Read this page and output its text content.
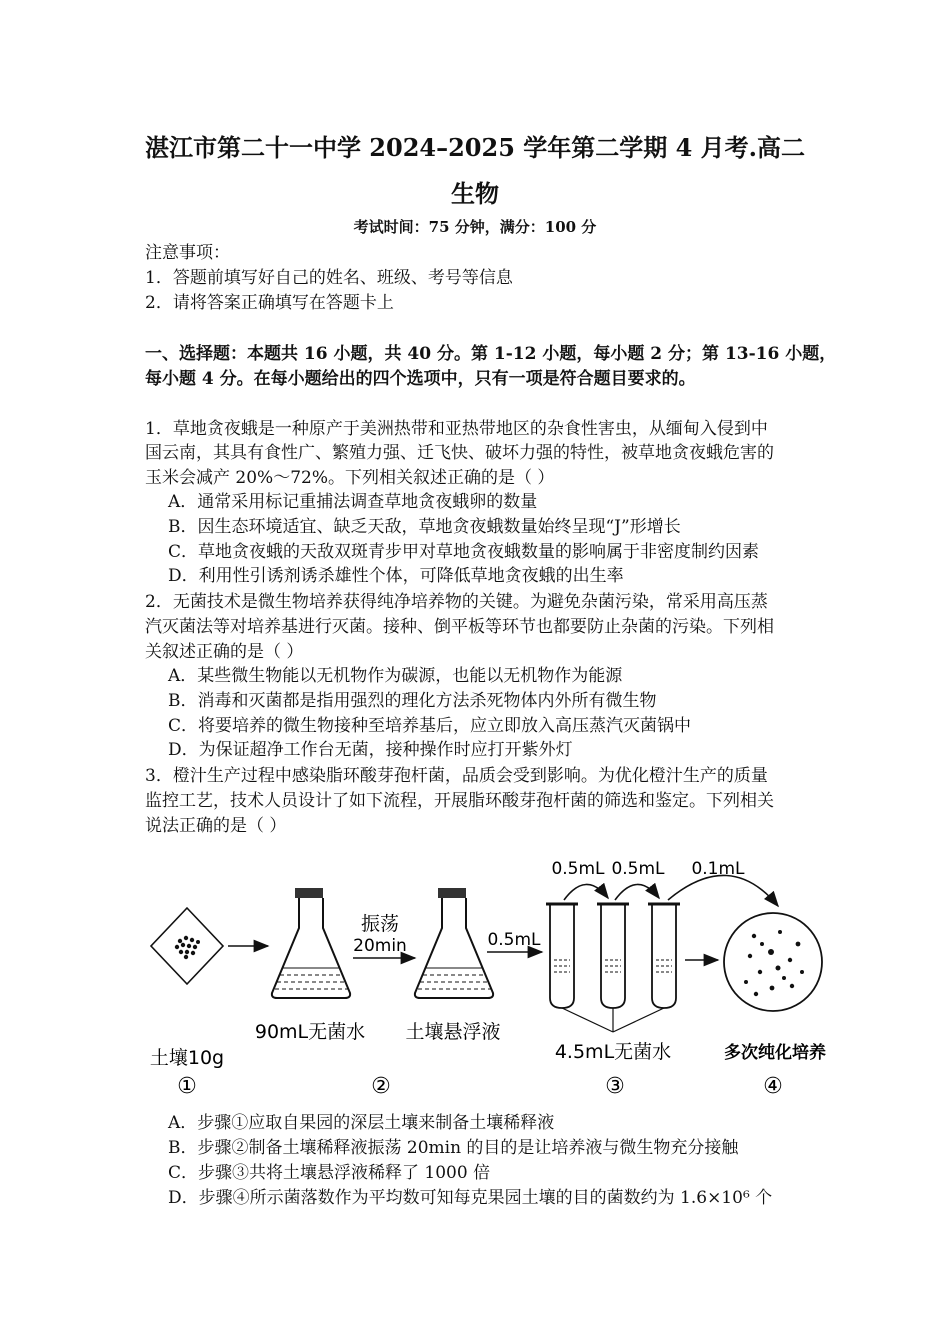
湛江市第二十一中学 2024–2025 学年第二学期 4 月考.高二
生物
考试时间：75 分钟，满分：100 分
注意事项：
1．答题前填写好自己的姓名、班级、考号等信息
2．请将答案正确填写在答题卡上
一、选择题：本题共 16 小题，共 40 分。第 1-12 小题，每小题 2 分；第 13-16 小题，
每小题 4 分。在每小题给出的四个选项中，只有一项是符合题目要求的。
1．草地贪夜蛾是一种原产于美洲热带和亚热带地区的杂食性害虫，从缅甸入侵到中
国云南，其具有食性广、繁殖力强、迁飞快、破坏力强的特性，被草地贪夜蛾危害的
玉米会减产 20%～72%。下列相关叙述正确的是（ ）
A．通常采用标记重捕法调查草地贪夜蛾卵的数量
B．因生态环境适宜、缺乏天敌，草地贪夜蛾数量始终呈现“J”形增长
C．草地贪夜蛾的天敌双斑青步甲对草地贪夜蛾数量的影响属于非密度制约因素
D．利用性引诱剂诱杀雄性个体，可降低草地贪夜蛾的出生率
2．无菌技术是微生物培养获得纯净培养物的关键。为避免杂菌污染，常采用高压蒸
汽灭菌法等对培养基进行灭菌。接种、倒平板等环节也都要防止杂菌的污染。下列相
关叙述正确的是（ ）
A．某些微生物能以无机物作为碳源，也能以无机物作为能源
B．消毒和灭菌都是指用强烈的理化方法杀死物体内外所有微生物
C．将要培养的微生物接种至培养基后，应立即放入高压蒸汽灭菌锅中
D．为保证超净工作台无菌，接种操作时应打开紫外灯
3．橙汁生产过程中感染脂环酸芽孢杆菌，品质会受到影响。为优化橙汁生产的质量
监控工艺，技术人员设计了如下流程，开展脂环酸芽孢杆菌的筛选和鉴定。下列相关
说法正确的是（ ）
振荡
20min	0.5mL
0.5mL 0.5mL 0.1mL
90mL无菌水 土壤悬浮液
4.5mL无菌水	多次纯化培养
土壤10g
①	②	③	④
A．步骤①应取自果园的深层土壤来制备土壤稀释液
B．步骤②制备土壤稀释液振荡 20min 的目的是让培养液与微生物充分接触
C．步骤③共将土壤悬浮液稀释了 1000 倍
D．步骤④所示菌落数作为平均数可知每克果园土壤的目的菌数约为 1.6×10⁶ 个
